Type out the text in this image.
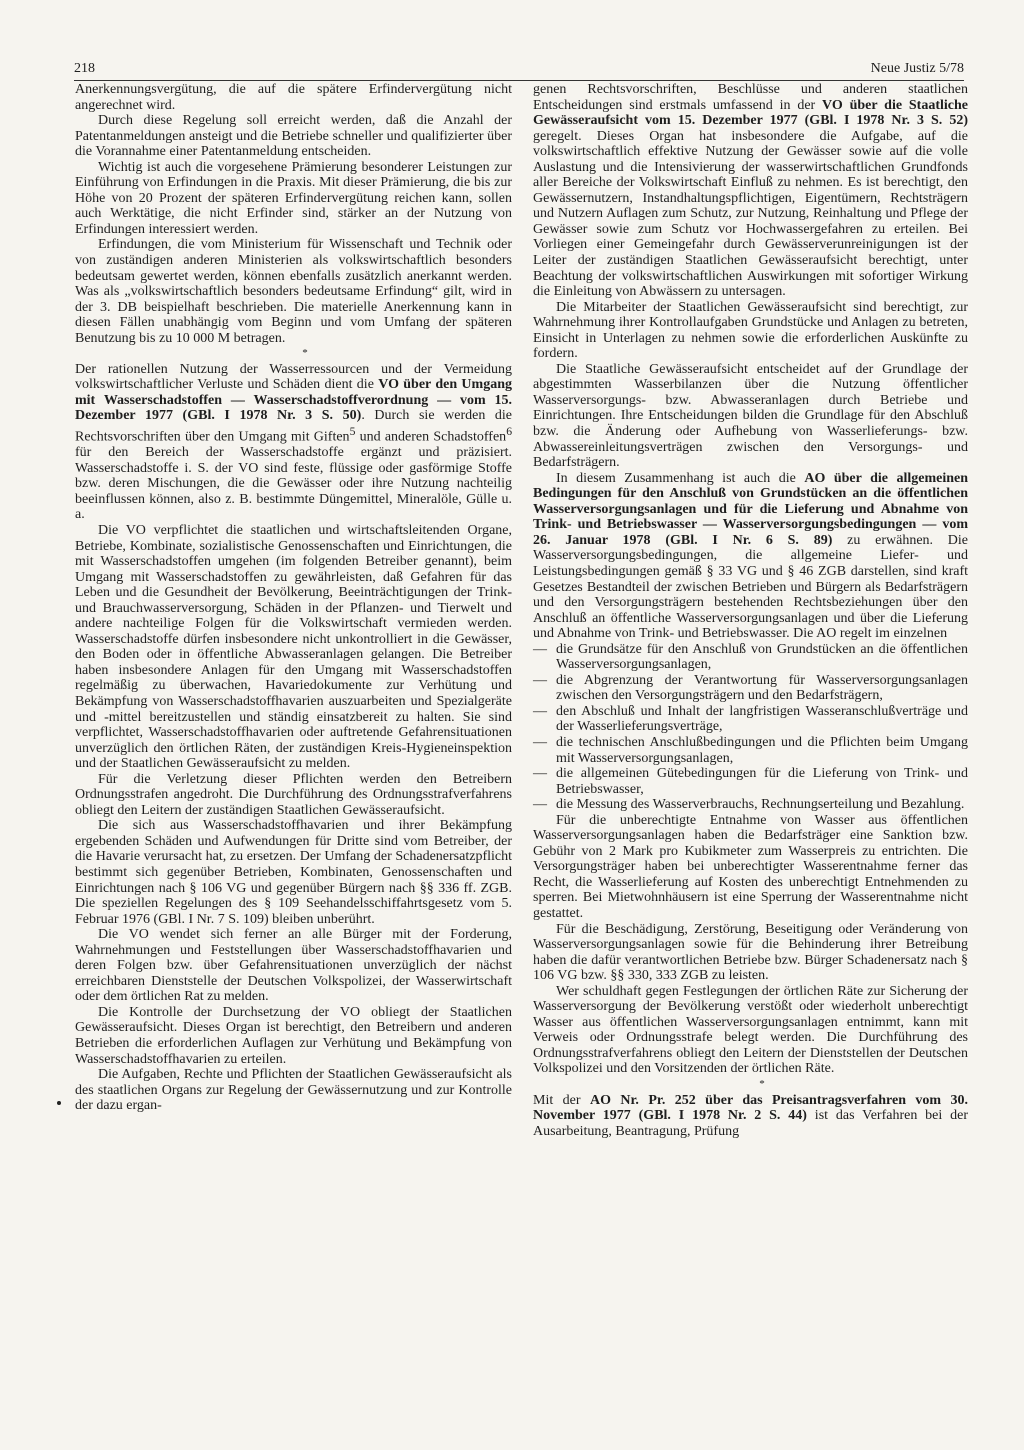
218	Neue Justiz 5/78

Anerkennungsvergütung, die auf die spätere Erfindervergütung nicht angerechnet wird.

Durch diese Regelung soll erreicht werden, daß die Anzahl der Patentanmeldungen ansteigt und die Betriebe schneller und qualifizierter über die Vorannahme einer Patentanmeldung entscheiden.

Wichtig ist auch die vorgesehene Prämierung besonderer Leistungen zur Einführung von Erfindungen in die Praxis. Mit dieser Prämierung, die bis zur Höhe von 20 Prozent der späteren Erfindervergütung reichen kann, sollen auch Werktätige, die nicht Erfinder sind, stärker an der Nutzung von Erfindungen interessiert werden.

Erfindungen, die vom Ministerium für Wissenschaft und Technik oder von zuständigen anderen Ministerien als volkswirtschaftlich besonders bedeutsam gewertet werden, können ebenfalls zusätzlich anerkannt werden. Was als „volkswirtschaftlich besonders bedeutsame Erfindung“ gilt, wird in der 3. DB beispielhaft beschrieben. Die materielle Anerkennung kann in diesen Fällen unabhängig vom Beginn und vom Umfang der späteren Benutzung bis zu 10 000 M betragen.

*

Der rationellen Nutzung der Wasserressourcen und der Vermeidung volkswirtschaftlicher Verluste und Schäden dient die VO über den Umgang mit Wasserschadstoffen — Wasserschadstoffverordnung — vom 15. Dezember 1977 (GBl. I 1978 Nr. 3 S. 50). Durch sie werden die Rechtsvorschriften über den Umgang mit Giften$^5$ und anderen Schadstoffen$^6$ für den Bereich der Wasserschadstoffe ergänzt und präzisiert. Wasserschadstoffe i. S. der VO sind feste, flüssige oder gasförmige Stoffe bzw. deren Mischungen, die die Gewässer oder ihre Nutzung nachteilig beeinflussen können, also z. B. bestimmte Düngemittel, Mineralöle, Gülle u. a.

Die VO verpflichtet die staatlichen und wirtschaftsleitenden Organe, Betriebe, Kombinate, sozialistische Genossenschaften und Einrichtungen, die mit Wasserschadstoffen umgehen (im folgenden Betreiber genannt), beim Umgang mit Wasserschadstoffen zu gewährleisten, daß Gefahren für das Leben und die Gesundheit der Bevölkerung, Beeinträchtigungen der Trink- und Brauchwasserversorgung, Schäden in der Pflanzen- und Tierwelt und andere nachteilige Folgen für die Volkswirtschaft vermieden werden. Wasserschadstoffe dürfen insbesondere nicht unkontrolliert in die Gewässer, den Boden oder in öffentliche Abwasseranlagen gelangen. Die Betreiber haben insbesondere Anlagen für den Umgang mit Wasserschadstoffen regelmäßig zu überwachen, Havariedokumente zur Verhütung und Bekämpfung von Wasserschadstoffhavarien auszuarbeiten und Spezialgeräte und -mittel bereitzustellen und ständig einsatzbereit zu halten. Sie sind verpflichtet, Wasserschadstoffhavarien oder auftretende Gefahrensituationen unverzüglich den örtlichen Räten, der zuständigen Kreis-Hygieneinspektion und der Staatlichen Gewässeraufsicht zu melden.

Für die Verletzung dieser Pflichten werden den Betreibern Ordnungsstrafen angedroht. Die Durchführung des Ordnungsstrafverfahrens obliegt den Leitern der zuständigen Staatlichen Gewässeraufsicht.

Die sich aus Wasserschadstoffhavarien und ihrer Bekämpfung ergebenden Schäden und Aufwendungen für Dritte sind vom Betreiber, der die Havarie verursacht hat, zu ersetzen. Der Umfang der Schadenersatzpflicht bestimmt sich gegenüber Betrieben, Kombinaten, Genossenschaften und Einrichtungen nach § 106 VG und gegenüber Bürgern nach §§ 336 ff. ZGB. Die speziellen Regelungen des § 109 Seehandelsschiffahrtsgesetz vom 5. Februar 1976 (GBl. I Nr. 7 S. 109) bleiben unberührt.

Die VO wendet sich ferner an alle Bürger mit der Forderung, Wahrnehmungen und Feststellungen über Wasserschadstoffhavarien und deren Folgen bzw. über Gefahrensituationen unverzüglich der nächst erreichbaren Dienststelle der Deutschen Volkspolizei, der Wasserwirtschaft oder dem örtlichen Rat zu melden.

Die Kontrolle der Durchsetzung der VO obliegt der Staatlichen Gewässeraufsicht. Dieses Organ ist berechtigt, den Betreibern und anderen Betrieben die erforderlichen Auflagen zur Verhütung und Bekämpfung von Wasserschadstoffhavarien zu erteilen.

Die Aufgaben, Rechte und Pflichten der Staatlichen Gewässeraufsicht als des staatlichen Organs zur Regelung der Gewässernutzung und zur Kontrolle der dazu ergan-

genen Rechtsvorschriften, Beschlüsse und anderen staatlichen Entscheidungen sind erstmals umfassend in der VO über die Staatliche Gewässeraufsicht vom 15. Dezember 1977 (GBl. I 1978 Nr. 3 S. 52) geregelt. Dieses Organ hat insbesondere die Aufgabe, auf die volkswirtschaftlich effektive Nutzung der Gewässer sowie auf die volle Auslastung und die Intensivierung der wasserwirtschaftlichen Grundfonds aller Bereiche der Volkswirtschaft Einfluß zu nehmen. Es ist berechtigt, den Gewässernutzern, Instandhaltungspflichtigen, Eigentümern, Rechtsträgern und Nutzern Auflagen zum Schutz, zur Nutzung, Reinhaltung und Pflege der Gewässer sowie zum Schutz vor Hochwassergefahren zu erteilen. Bei Vorliegen einer Gemeingefahr durch Gewässerverunreinigungen ist der Leiter der zuständigen Staatlichen Gewässeraufsicht berechtigt, unter Beachtung der volkswirtschaftlichen Auswirkungen mit sofortiger Wirkung die Einleitung von Abwässern zu untersagen.

Die Mitarbeiter der Staatlichen Gewässeraufsicht sind berechtigt, zur Wahrnehmung ihrer Kontrollaufgaben Grundstücke und Anlagen zu betreten, Einsicht in Unterlagen zu nehmen sowie die erforderlichen Auskünfte zu fordern.

Die Staatliche Gewässeraufsicht entscheidet auf der Grundlage der abgestimmten Wasserbilanzen über die Nutzung öffentlicher Wasserversorgungs- bzw. Abwasseranlagen durch Betriebe und Einrichtungen. Ihre Entscheidungen bilden die Grundlage für den Abschluß bzw. die Änderung oder Aufhebung von Wasserlieferungs- bzw. Abwassereinleitungsverträgen zwischen den Versorgungs- und Bedarfsträgern.

In diesem Zusammenhang ist auch die AO über die allgemeinen Bedingungen für den Anschluß von Grundstücken an die öffentlichen Wasserversorgungsanlagen und für die Lieferung und Abnahme von Trink- und Betriebswasser — Wasserversorgungsbedingungen — vom 26. Januar 1978 (GBl. I Nr. 6 S. 89) zu erwähnen. Die Wasserversorgungsbedingungen, die allgemeine Liefer- und Leistungsbedingungen gemäß § 33 VG und § 46 ZGB darstellen, sind kraft Gesetzes Bestandteil der zwischen Betrieben und Bürgern als Bedarfsträgern und den Versorgungsträgern bestehenden Rechtsbeziehungen über den Anschluß an öffentliche Wasserversorgungsanlagen und über die Lieferung und Abnahme von Trink- und Betriebswasser. Die AO regelt im einzelnen

— die Grundsätze für den Anschluß von Grundstücken an die öffentlichen Wasserversorgungsanlagen,
— die Abgrenzung der Verantwortung für Wasserversorgungsanlagen zwischen den Versorgungsträgern und den Bedarfsträgern,
— den Abschluß und Inhalt der langfristigen Wasseranschlußverträge und der Wasserlieferungsverträge,
— die technischen Anschlußbedingungen und die Pflichten beim Umgang mit Wasserversorgungsanlagen,
— die allgemeinen Gütebedingungen für die Lieferung von Trink- und Betriebswasser,
— die Messung des Wasserverbrauchs, Rechnungserteilung und Bezahlung.

Für die unberechtigte Entnahme von Wasser aus öffentlichen Wasserversorgungsanlagen haben die Bedarfsträger eine Sanktion bzw. Gebühr von 2 Mark pro Kubikmeter zum Wasserpreis zu entrichten. Die Versorgungsträger haben bei unberechtigter Wasserentnahme ferner das Recht, die Wasserlieferung auf Kosten des unberechtigt Entnehmenden zu sperren. Bei Mietwohnhäusern ist eine Sperrung der Wasserentnahme nicht gestattet.

Für die Beschädigung, Zerstörung, Beseitigung oder Veränderung von Wasserversorgungsanlagen sowie für die Behinderung ihrer Betreibung haben die dafür verantwortlichen Betriebe bzw. Bürger Schadenersatz nach § 106 VG bzw. §§ 330, 333 ZGB zu leisten.

Wer schuldhaft gegen Festlegungen der örtlichen Räte zur Sicherung der Wasserversorgung der Bevölkerung verstößt oder wiederholt unberechtigt Wasser aus öffentlichen Wasserversorgungsanlagen entnimmt, kann mit Verweis oder Ordnungsstrafe belegt werden. Die Durchführung des Ordnungsstrafverfahrens obliegt den Leitern der Dienststellen der Deutschen Volkspolizei und den Vorsitzenden der örtlichen Räte.

*

Mit der AO Nr. Pr. 252 über das Preisantragsverfahren vom 30. November 1977 (GBl. I 1978 Nr. 2 S. 44) ist das Verfahren bei der Ausarbeitung, Beantragung, Prüfung
